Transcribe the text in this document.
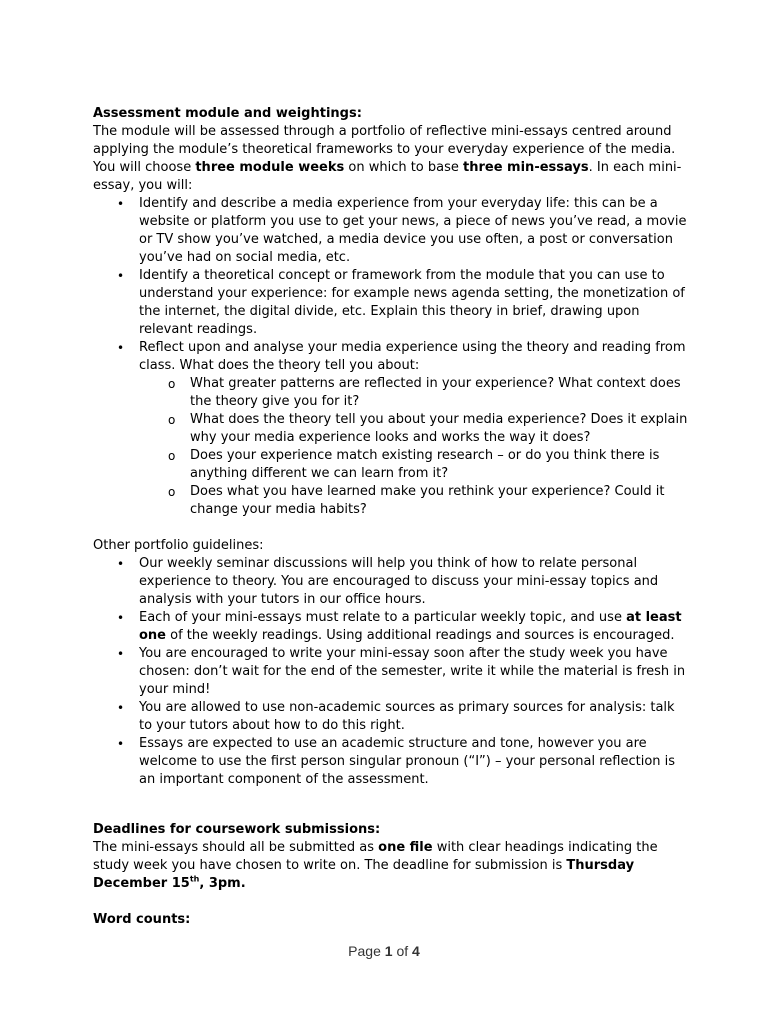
Assessment module and weightings:

The module will be assessed through a portfolio of reflective mini-essays centred around applying the module’s theoretical frameworks to your everyday experience of the media. You will choose three module weeks on which to base three min-essays. In each mini-essay, you will:

• Identify and describe a media experience from your everyday life: this can be a website or platform you use to get your news, a piece of news you’ve read, a movie or TV show you’ve watched, a media device you use often, a post or conversation you’ve had on social media, etc.
• Identify a theoretical concept or framework from the module that you can use to understand your experience: for example news agenda setting, the monetization of the internet, the digital divide, etc. Explain this theory in brief, drawing upon relevant readings.
• Reflect upon and analyse your media experience using the theory and reading from class. What does the theory tell you about:
o What greater patterns are reflected in your experience? What context does the theory give you for it?
o What does the theory tell you about your media experience? Does it explain why your media experience looks and works the way it does?
o Does your experience match existing research – or do you think there is anything different we can learn from it?
o Does what you have learned make you rethink your experience? Could it change your media habits?

Other portfolio guidelines:

• Our weekly seminar discussions will help you think of how to relate personal experience to theory. You are encouraged to discuss your mini-essay topics and analysis with your tutors in our office hours.
• Each of your mini-essays must relate to a particular weekly topic, and use at least one of the weekly readings. Using additional readings and sources is encouraged.
• You are encouraged to write your mini-essay soon after the study week you have chosen: don’t wait for the end of the semester, write it while the material is fresh in your mind!
• You are allowed to use non-academic sources as primary sources for analysis: talk to your tutors about how to do this right.
• Essays are expected to use an academic structure and tone, however you are welcome to use the first person singular pronoun (“I”) – your personal reflection is an important component of the assessment.

Deadlines for coursework submissions:

The mini-essays should all be submitted as one file with clear headings indicating the study week you have chosen to write on. The deadline for submission is Thursday December 15th, 3pm.

Word counts:

Page 1 of 4
